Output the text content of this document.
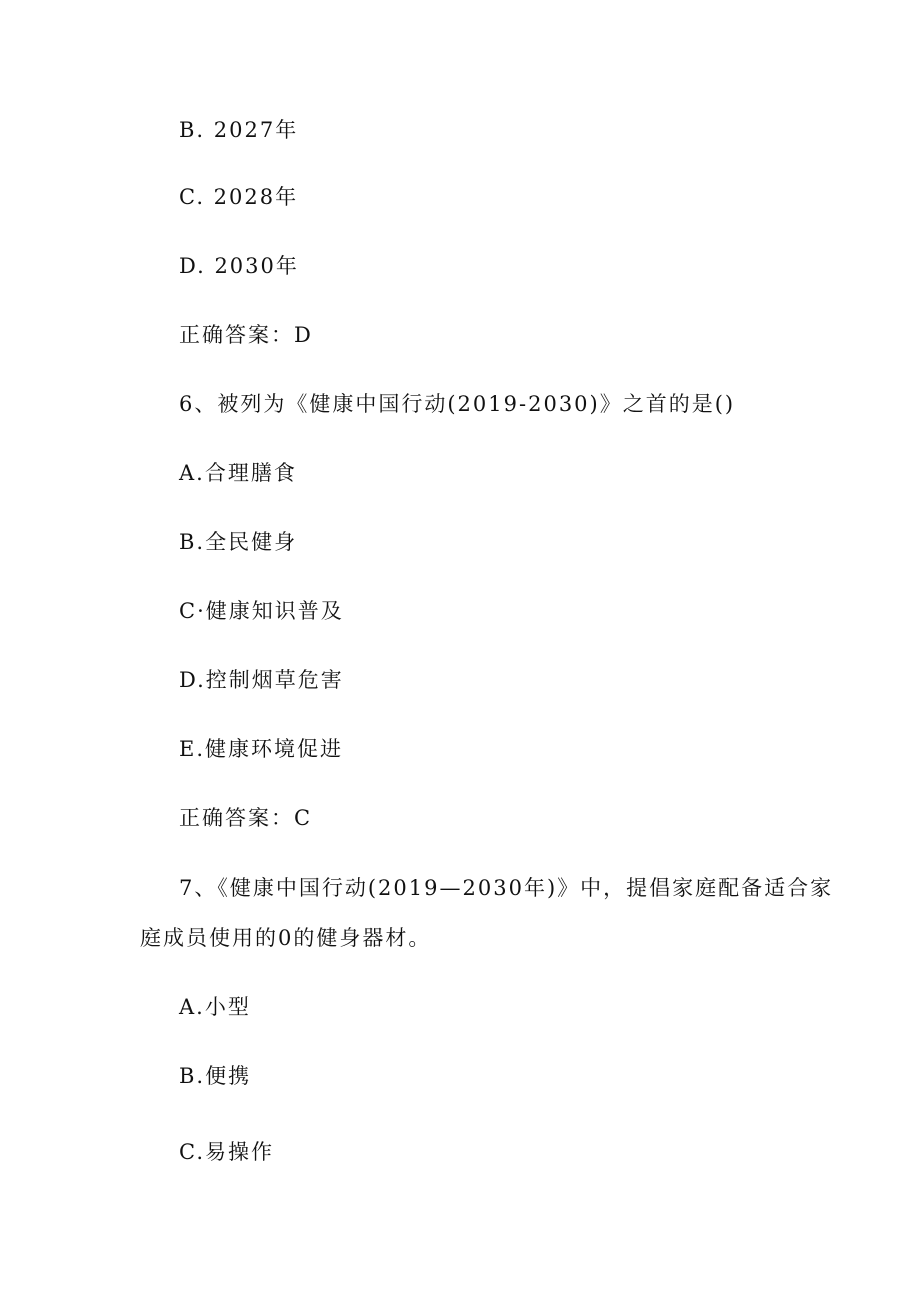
B. 2027年
C. 2028年
D. 2030年
正确答案：D
6、被列为《健康中国行动(2019-2030)》之首的是()
A.合理膳食
B.全民健身
C·健康知识普及
D.控制烟草危害
E.健康环境促进
正确答案：C
7、《健康中国行动(2019—2030年)》中，提倡家庭配备适合家
庭成员使用的0的健身器材。
A.小型
B.便携
C.易操作
